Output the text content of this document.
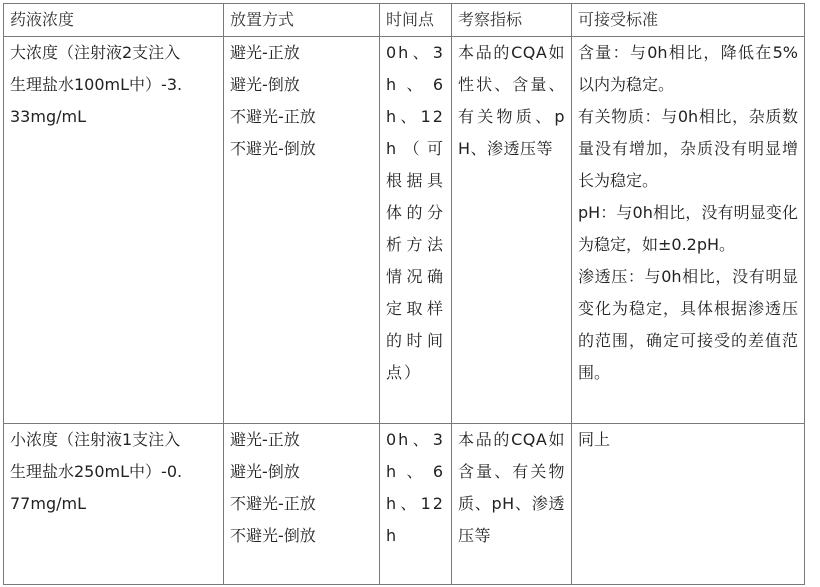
药液浓度	放置方式	时间点	考察指标	可接受标准

大浓度（注射液2支注入
生理盐水100mL中）-3.
33mg/mL	避光-正放
避光-倒放
不避光-正放
不避光-倒放	0h、3h、6h、12h（可根据具体的分析方法情况确定取样的时间点）	本品的CQA如性状、含量、有关物质、pH、渗透压等	含量：与0h相比，降低在5%以内为稳定。
有关物质：与0h相比，杂质数量没有增加，杂质没有明显增长为稳定。
pH：与0h相比，没有明显变化为稳定，如±0.2pH。
渗透压：与0h相比，没有明显变化为稳定，具体根据渗透压的范围，确定可接受的差值范围。

小浓度（注射液1支注入
生理盐水250mL中）-0.
77mg/mL	避光-正放
避光-倒放
不避光-正放
不避光-倒放	0h、3h、6h、12h	本品的CQA如含量、有关物质、pH、渗透压等	同上
